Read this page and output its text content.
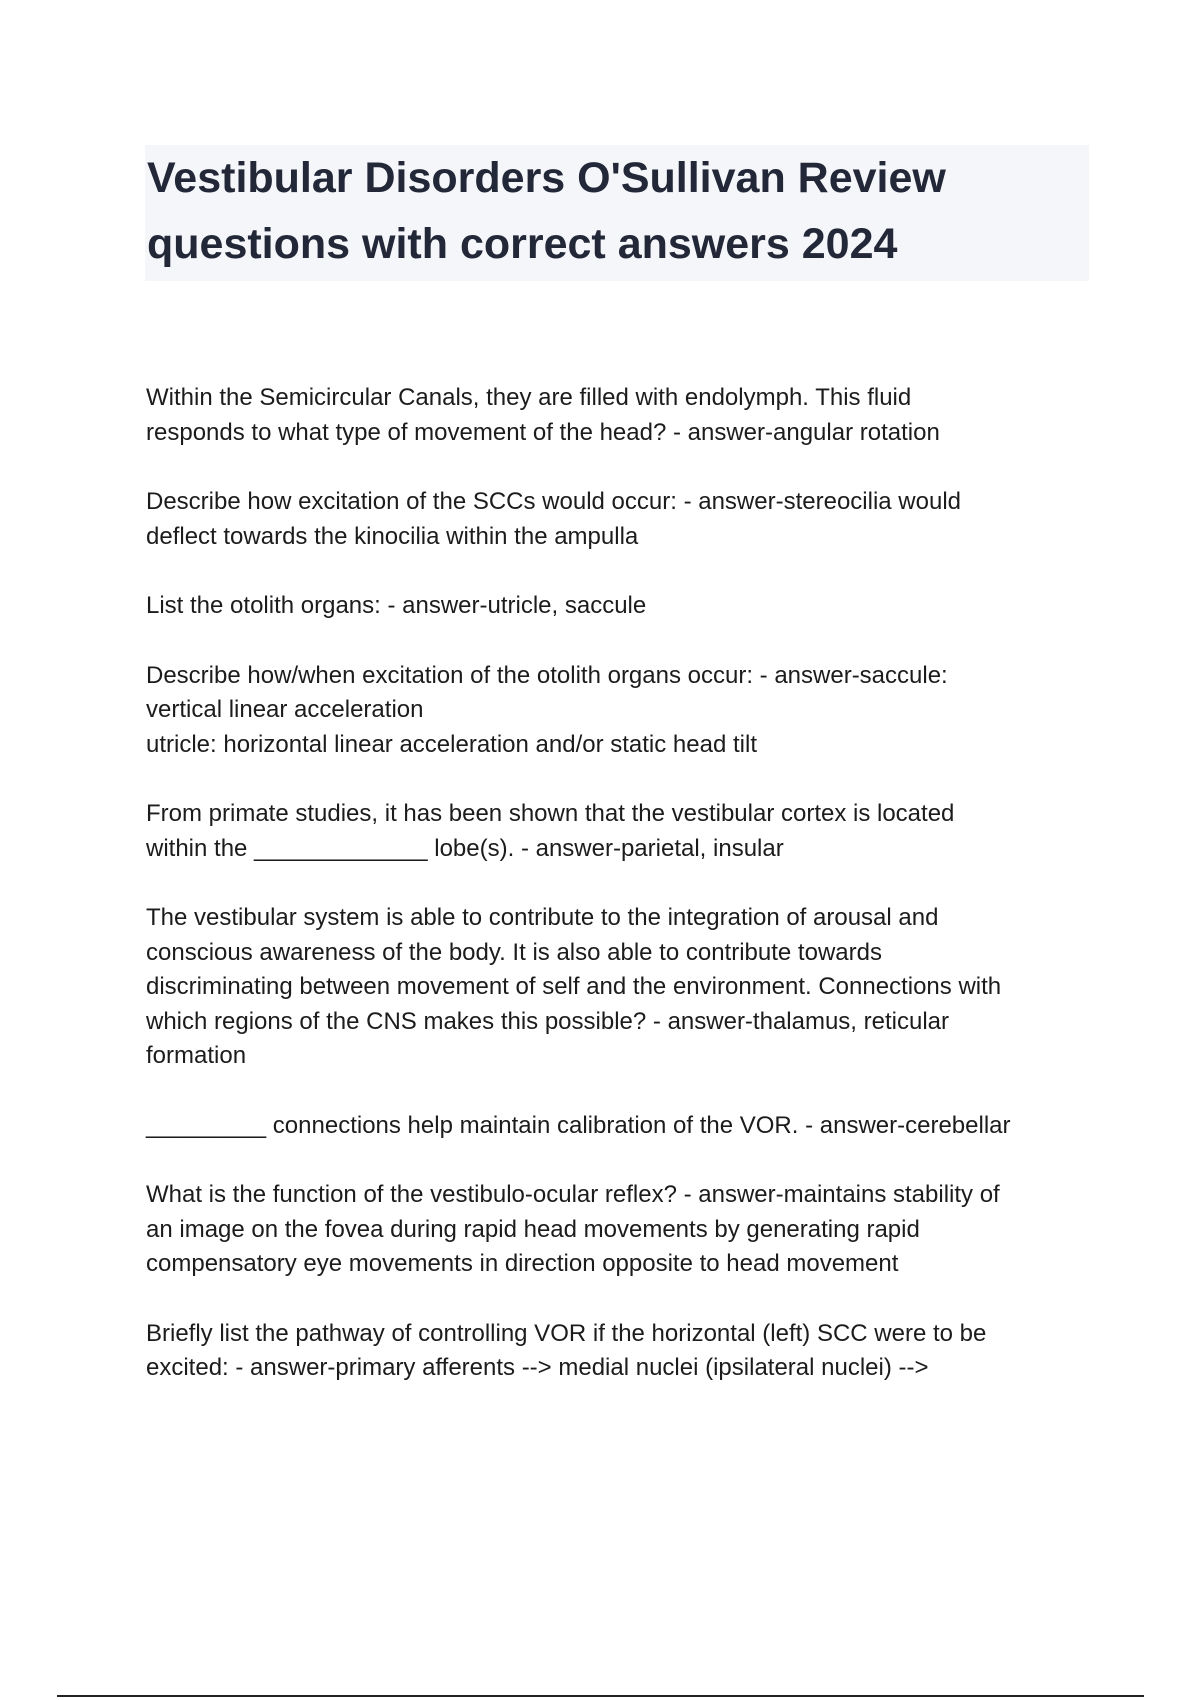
Vestibular Disorders O'Sullivan Review
questions with correct answers 2024

Within the Semicircular Canals, they are filled with endolymph. This fluid
responds to what type of movement of the head? - answer-angular rotation

Describe how excitation of the SCCs would occur: - answer-stereocilia would
deflect towards the kinocilia within the ampulla

List the otolith organs: - answer-utricle, saccule

Describe how/when excitation of the otolith organs occur: - answer-saccule:
vertical linear acceleration
utricle: horizontal linear acceleration and/or static head tilt

From primate studies, it has been shown that the vestibular cortex is located
within the _____________ lobe(s). - answer-parietal, insular

The vestibular system is able to contribute to the integration of arousal and
conscious awareness of the body. It is also able to contribute towards
discriminating between movement of self and the environment. Connections with
which regions of the CNS makes this possible? - answer-thalamus, reticular
formation

_________ connections help maintain calibration of the VOR. - answer-cerebellar

What is the function of the vestibulo-ocular reflex? - answer-maintains stability of
an image on the fovea during rapid head movements by generating rapid
compensatory eye movements in direction opposite to head movement

Briefly list the pathway of controlling VOR if the horizontal (left) SCC were to be
excited: - answer-primary afferents --> medial nuclei (ipsilateral nuclei) -->
